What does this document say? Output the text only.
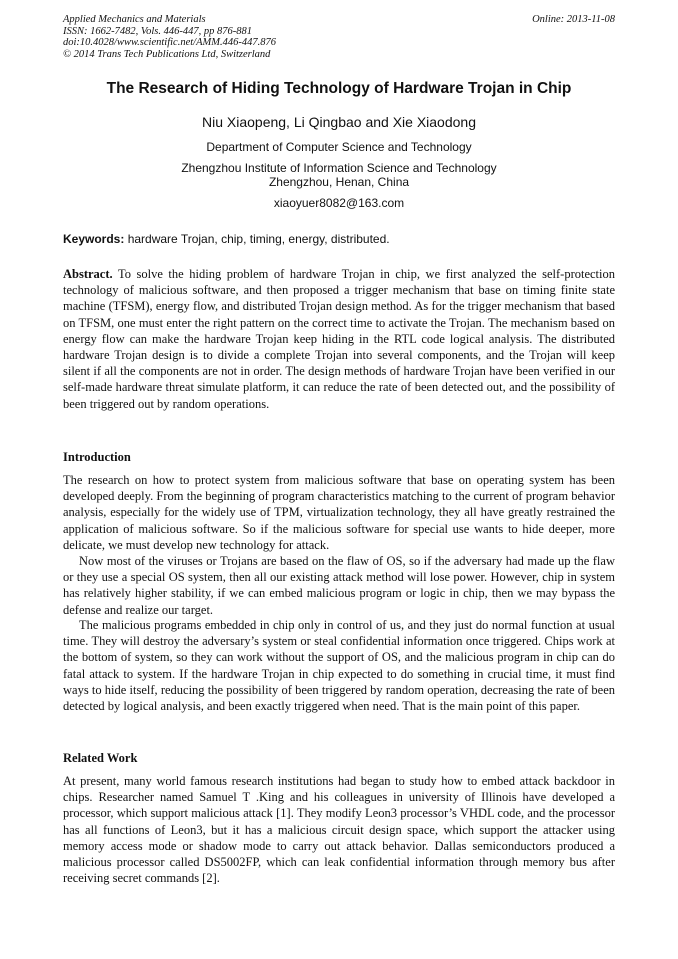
Applied Mechanics and Materials
ISSN: 1662-7482, Vols. 446-447, pp 876-881
doi:10.4028/www.scientific.net/AMM.446-447.876
© 2014 Trans Tech Publications Ltd, Switzerland
Online: 2013-11-08
The Research of Hiding Technology of Hardware Trojan in Chip
Niu Xiaopeng, Li Qingbao and Xie Xiaodong
Department of Computer Science and Technology
Zhengzhou Institute of Information Science and Technology
Zhengzhou, Henan, China
xiaoyuer8082@163.com
Keywords: hardware Trojan, chip, timing, energy, distributed.
Abstract. To solve the hiding problem of hardware Trojan in chip, we first analyzed the self-protection technology of malicious software, and then proposed a trigger mechanism that base on timing finite state machine (TFSM), energy flow, and distributed Trojan design method. As for the trigger mechanism that based on TFSM, one must enter the right pattern on the correct time to activate the Trojan. The mechanism based on energy flow can make the hardware Trojan keep hiding in the RTL code logical analysis. The distributed hardware Trojan design is to divide a complete Trojan into several components, and the Trojan will keep silent if all the components are not in order. The design methods of hardware Trojan have been verified in our self-made hardware threat simulate platform, it can reduce the rate of been detected out, and the possibility of been triggered out by random operations.
Introduction
The research on how to protect system from malicious software that base on operating system has been developed deeply. From the beginning of program characteristics matching to the current of program behavior analysis, especially for the widely use of TPM, virtualization technology, they all have greatly restrained the application of malicious software. So if the malicious software for special use wants to hide deeper, more delicate, we must develop new technology for attack.
Now most of the viruses or Trojans are based on the flaw of OS, so if the adversary had made up the flaw or they use a special OS system, then all our existing attack method will lose power. However, chip in system has relatively higher stability, if we can embed malicious program or logic in chip, then we may bypass the defense and realize our target.
The malicious programs embedded in chip only in control of us, and they just do normal function at usual time. They will destroy the adversary’s system or steal confidential information once triggered. Chips work at the bottom of system, so they can work without the support of OS, and the malicious program in chip can do fatal attack to system. If the hardware Trojan in chip expected to do something in crucial time, it must find ways to hide itself, reducing the possibility of been triggered by random operation, decreasing the rate of been detected by logical analysis, and been exactly triggered when need. That is the main point of this paper.
Related Work
At present, many world famous research institutions had began to study how to embed attack backdoor in chips. Researcher named Samuel T .King and his colleagues in university of Illinois have developed a processor, which support malicious attack [1]. They modify Leon3 processor’s VHDL code, and the processor has all functions of Leon3, but it has a malicious circuit design space, which support the attacker using memory access mode or shadow mode to carry out attack behavior. Dallas semiconductors produced a malicious processor called DS5002FP, which can leak confidential information through memory bus after receiving secret commands [2].
